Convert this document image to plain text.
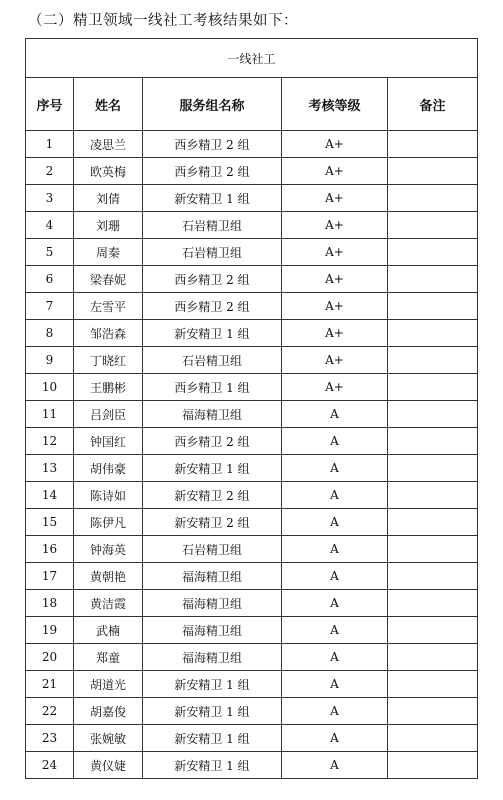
（二）精卫领域一线社工考核结果如下：
一线社工				
序号	姓名	服务组名称	考核等级	备注
1	凌思兰	西乡精卫 2 组	A+	
2	欧英梅	西乡精卫 2 组	A+	
3	刘倩	新安精卫 1 组	A+	
4	刘珊	石岩精卫组	A+	
5	周秦	石岩精卫组	A+	
6	梁春妮	西乡精卫 2 组	A+	
7	左雪平	西乡精卫 2 组	A+	
8	邹浩森	新安精卫 1 组	A+	
9	丁晓红	石岩精卫组	A+	
10	王鹏彬	西乡精卫 1 组	A+	
11	吕剑臣	福海精卫组	A	
12	钟国红	西乡精卫 2 组	A	
13	胡伟豪	新安精卫 1 组	A	
14	陈诗如	新安精卫 2 组	A	
15	陈伊凡	新安精卫 2 组	A	
16	钟海英	石岩精卫组	A	
17	黄朝艳	福海精卫组	A	
18	黄洁霞	福海精卫组	A	
19	武楠	福海精卫组	A	
20	郑童	福海精卫组	A	
21	胡道光	新安精卫 1 组	A	
22	胡嘉俊	新安精卫 1 组	A	
23	张婉敏	新安精卫 1 组	A	
24	黄仪婕	新安精卫 1 组	A	
